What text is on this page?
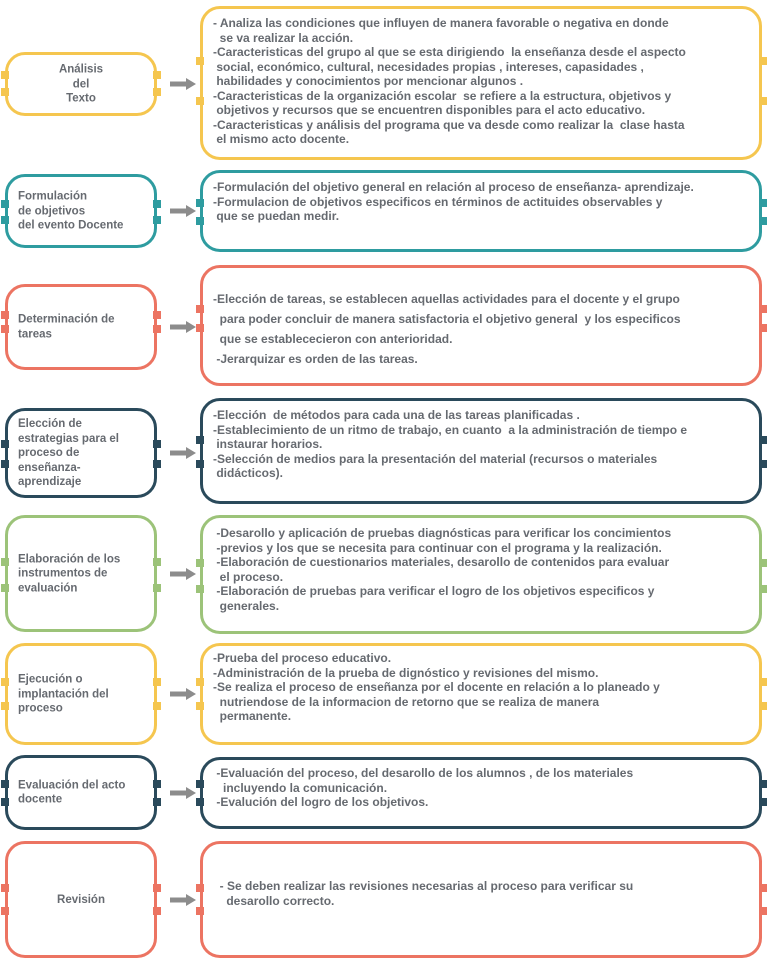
Análisis
del
Texto
- Analiza las condiciones que influyen de manera favorable o negativa en donde
se va realizar la acción.
-Caracteristicas del grupo al que se esta dirigiendo  la enseñanza desde el aspecto
social, económico, cultural, necesidades propias , intereses, capasidades ,
habilidades y conocimientos por mencionar algunos .
-Caracteristicas de la organización escolar  se refiere a la estructura, objetivos y
objetivos y recursos que se encuentren disponibles para el acto educativo.
-Caracteristicas y análisis del programa que va desde como realizar la  clase hasta
el mismo acto docente.
Formulación
de objetivos
del evento Docente
-Formulación del objetivo general en relación al proceso de enseñanza- aprendizaje.
-Formulacion de objetivos especificos en términos de actituides observables y
que se puedan medir.
Determinación de
tareas
-Elección de tareas, se establecen aquellas actividades para el docente y el grupo
para poder concluir de manera satisfactoria el objetivo general  y los especificos
que se establececieron con anterioridad.
-Jerarquizar es orden de las tareas.
Elección de
estrategias para el
proceso de
enseñanza-
aprendizaje
-Elección  de métodos para cada una de las tareas planificadas .
-Establecimiento de un ritmo de trabajo, en cuanto  a la administración de tiempo e
instaurar horarios.
-Selección de medios para la presentación del material (recursos o materiales
didácticos).
Elaboración de los
instrumentos de
evaluación
-Desarollo y aplicación de pruebas diagnósticas para verificar los concimientos
-previos y los que se necesita para continuar con el programa y la realización.
-Elaboración de cuestionarios materiales, desarollo de contenidos para evaluar
el proceso.
-Elaboración de pruebas para verificar el logro de los objetivos especificos y
generales.
Ejecución o
implantación del
proceso
-Prueba del proceso educativo.
-Administración de la prueba de dignóstico y revisiones del mismo.
-Se realiza el proceso de enseñanza por el docente en relación a lo planeado y
nutriendose de la informacion de retorno que se realiza de manera
permanente.
Evaluación del acto
docente
-Evaluación del proceso, del desarollo de los alumnos , de los materiales
incluyendo la comunicación.
-Evalución del logro de los objetivos.
Revisión
- Se deben realizar las revisiones necesarias al proceso para verificar su
desarollo correcto.
